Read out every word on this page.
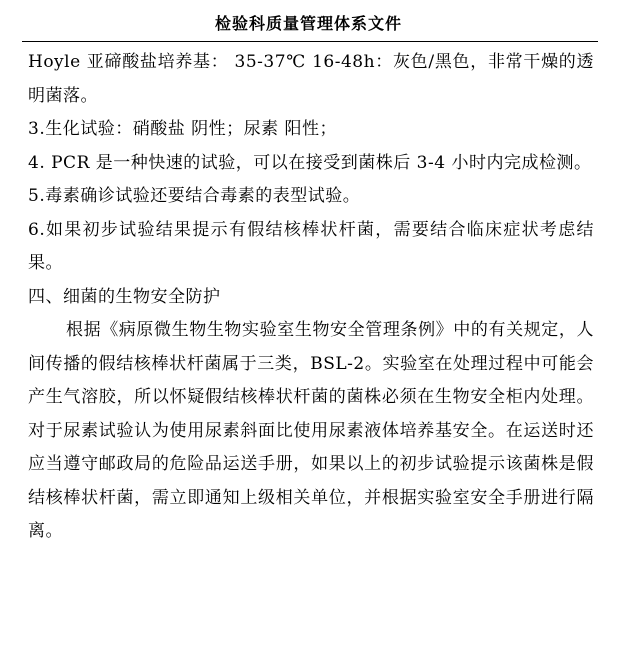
检验科质量管理体系文件

Hoyle 亚碲酸盐培养基： 35-37℃ 16-48h：灰色/黑色，非常干燥的透明菌落。

3.生化试验：硝酸盐 阴性；尿素 阳性；

4. PCR 是一种快速的试验，可以在接受到菌株后 3-4 小时内完成检测。

5.毒素确诊试验还要结合毒素的表型试验。

6.如果初步试验结果提示有假结核棒状杆菌，需要结合临床症状考虑结果。

四、细菌的生物安全防护

根据《病原微生物生物实验室生物安全管理条例》中的有关规定，人间传播的假结核棒状杆菌属于三类，BSL-2。实验室在处理过程中可能会产生气溶胶，所以怀疑假结核棒状杆菌的菌株必须在生物安全柜内处理。对于尿素试验认为使用尿素斜面比使用尿素液体培养基安全。在运送时还应当遵守邮政局的危险品运送手册，如果以上的初步试验提示该菌株是假结核棒状杆菌，需立即通知上级相关单位，并根据实验室安全手册进行隔离。
